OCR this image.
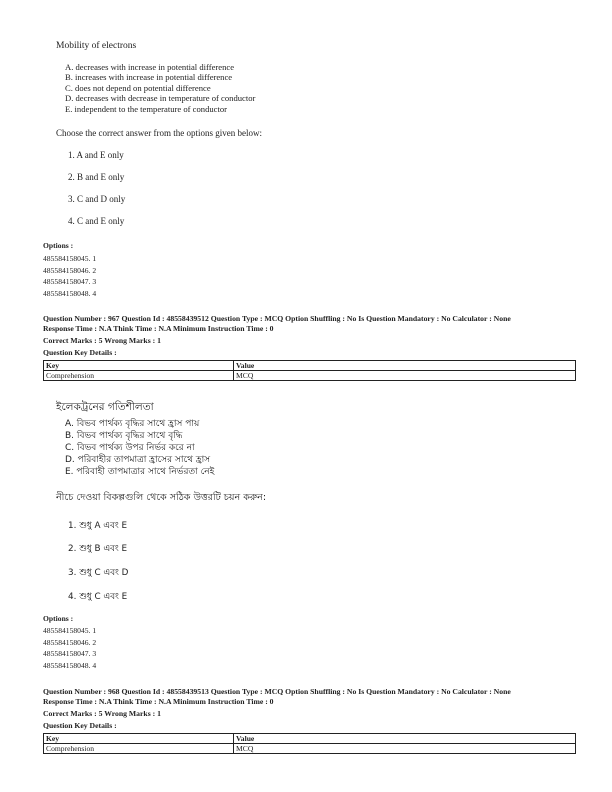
Mobility of electrons
A. decreases with increase in potential difference
B. increases with increase in potential difference
C. does not depend on potential difference
D. decreases with decrease in temperature of conductor
E. independent to the temperature of conductor
Choose the correct answer from the options given below:
1. A and E only
2. B and E only
3. C and D only
4. C and E only
Options :
485584158045. 1
485584158046. 2
485584158047. 3
485584158048. 4
Question Number : 967 Question Id : 48558439512 Question Type : MCQ Option Shuffling : No Is Question Mandatory : No Calculator : None
Response Time : N.A Think Time : N.A Minimum Instruction Time : 0
Correct Marks : 5 Wrong Marks : 1
Question Key Details :
Key	Value
Comprehension	MCQ
ইলেকট্রনের গতিশীলতা
A. বিভব পার্থক্য বৃদ্ধির সাথে হ্রাস পায়
B. বিভব পার্থক্য বৃদ্ধির সাথে বৃদ্ধি
C. বিভব পার্থক্য উপর নির্ভর করে না
D. পরিবাহীর তাপমাত্রা হ্রাসের সাথে হ্রাস
E. পরিবাহী তাপমাত্রার সাথে নির্ভরতা নেই
নীচে দেওয়া বিকল্পগুলি থেকে সঠিক উত্তরটি চয়ন করুন:
1. শুধু A এবং E
2. শুধু B এবং E
3. শুধু C এবং D
4. শুধু C এবং E
Options :
485584158045. 1
485584158046. 2
485584158047. 3
485584158048. 4
Question Number : 968 Question Id : 48558439513 Question Type : MCQ Option Shuffling : No Is Question Mandatory : No Calculator : None
Response Time : N.A Think Time : N.A Minimum Instruction Time : 0
Correct Marks : 5 Wrong Marks : 1
Question Key Details :
Key	Value
Comprehension	MCQ
